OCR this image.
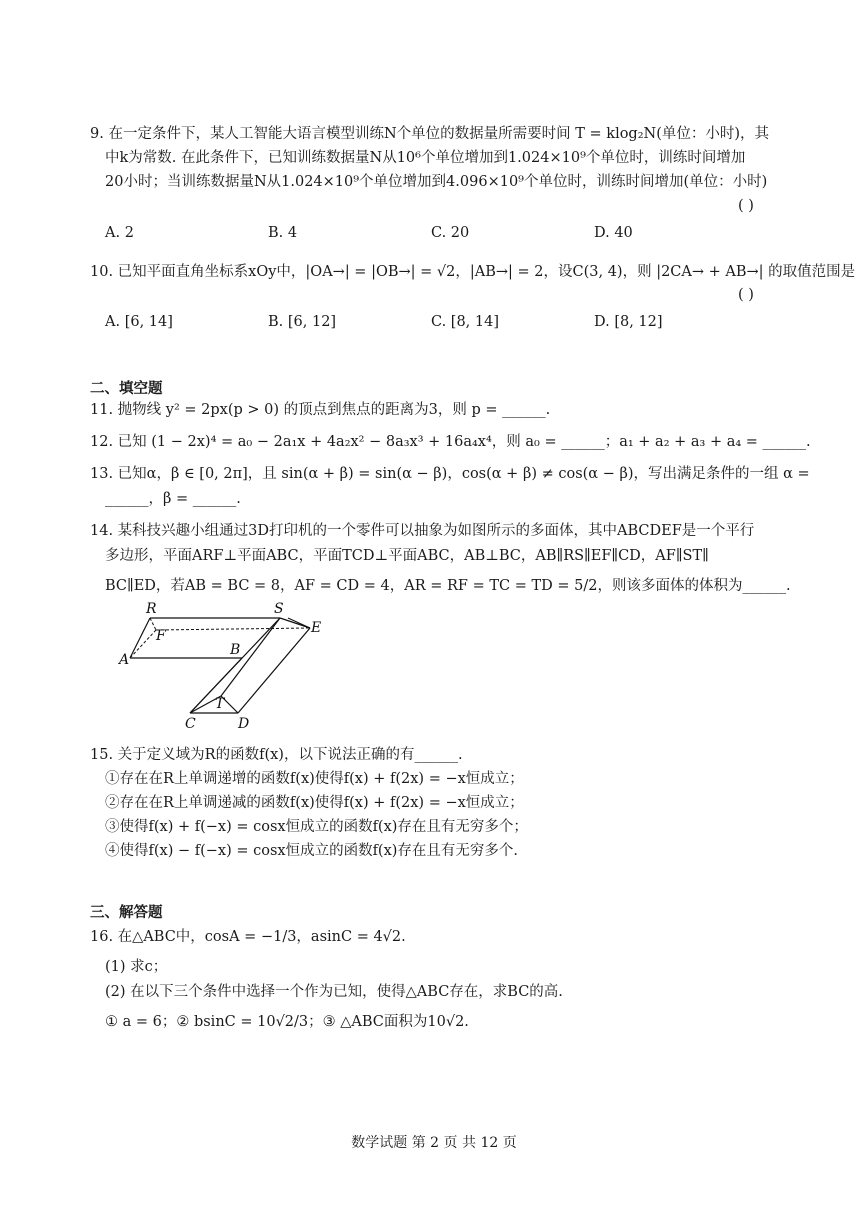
9. 在一定条件下，某人工智能大语言模型训练N个单位的数据量所需要时间 T = klog₂N(单位：小时)，其
中k为常数. 在此条件下，已知训练数据量N从10⁶个单位增加到1.024×10⁹个单位时，训练时间增加
20小时；当训练数据量N从1.024×10⁹个单位增加到4.096×10⁹个单位时，训练时间增加(单位：小时)
( )
A. 2	B. 4	C. 20	D. 40
10. 已知平面直角坐标系xOy中，|OA→| = |OB→| = √2，|AB→| = 2，设C(3, 4)，则 |2CA→ + AB→| 的取值范围是
( )
A. [6, 14]	B. [6, 12]	C. [8, 14]	D. [8, 12]
二、填空题
11. 抛物线 y² = 2px(p > 0) 的顶点到焦点的距离为3，则 p = ______.
12. 已知 (1 − 2x)⁴ = a₀ − 2a₁x + 4a₂x² − 8a₃x³ + 16a₄x⁴，则 a₀ = ______；a₁ + a₂ + a₃ + a₄ = ______.
13. 已知α，β ∈ [0, 2π]，且 sin(α + β) = sin(α − β)，cos(α + β) ≠ cos(α − β)，写出满足条件的一组 α =
______，β = ______.
14. 某科技兴趣小组通过3D打印机的一个零件可以抽象为如图所示的多面体，其中ABCDEF是一个平行
多边形，平面ARF⊥平面ABC，平面TCD⊥平面ABC，AB⊥BC，AB∥RS∥EF∥CD，AF∥ST∥
BC∥ED，若AB = BC = 8，AF = CD = 4，AR = RF = TC = TD = 5/2，则该多面体的体积为______.
R	S
F	E
A
B
T
C	D
15. 关于定义域为R的函数f(x)，以下说法正确的有______.
①存在在R上单调递增的函数f(x)使得f(x) + f(2x) = −x恒成立；
②存在在R上单调递减的函数f(x)使得f(x) + f(2x) = −x恒成立；
③使得f(x) + f(−x) = cosx恒成立的函数f(x)存在且有无穷多个；
④使得f(x) − f(−x) = cosx恒成立的函数f(x)存在且有无穷多个.
三、解答题
16. 在△ABC中，cosA = −1/3，asinC = 4√2.
(1) 求c；
(2) 在以下三个条件中选择一个作为已知，使得△ABC存在，求BC的高.
① a = 6；② bsinC = 10√2/3；③ △ABC面积为10√2.
数学试题 第 2 页 共 12 页
